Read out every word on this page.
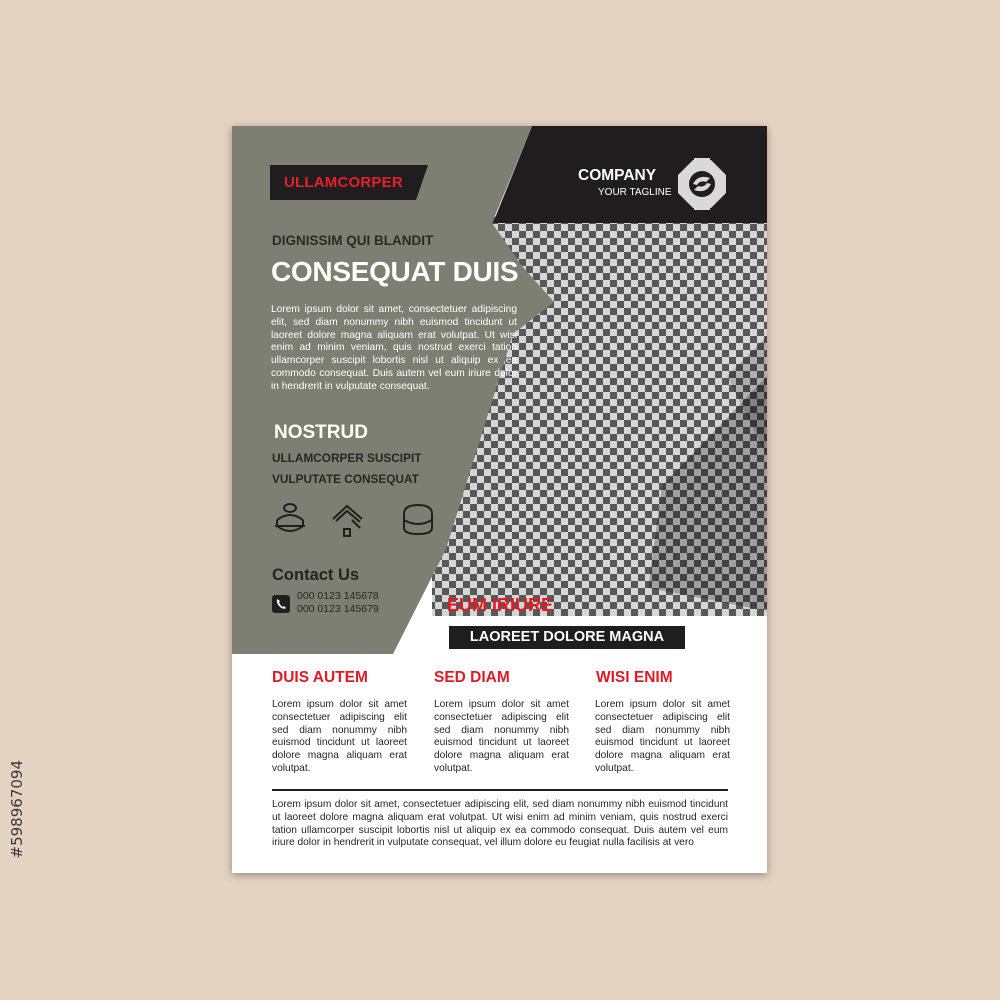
#598967094
ULLAMCORPER
DIGNISSIM QUI BLANDIT
CONSEQUAT DUIS

Lorem ipsum dolor sit amet, consectetuer adipiscing elit, sed diam nonummy nibh euismod tincidunt ut laoreet dolore magna aliquam erat volutpat. Ut wisi enim ad minim veniam, quis nostrud exerci tation ullamcorper suscipit lobortis nisl ut aliquip ex ea commodo consequat. Duis autem vel eum iriure dolor in hendrerit in vulputate consequat.

NOSTRUD
ULLAMCORPER SUSCIPIT
VULPUTATE CONSEQUAT
Contact Us
000 0123 145678
000 0123 145679
COMPANY
YOUR TAGLINE
EUM IRIURE
LAOREET DOLORE MAGNA
DUIS AUTEM

Lorem ipsum dolor sit amet consectetuer adipiscing elit sed diam nonummy nibh euismod tincidunt ut laoreet dolore magna aliquam erat volutpat.

SED DIAM

Lorem ipsum dolor sit amet consectetuer adipiscing elit sed diam nonummy nibh euismod tincidunt ut laoreet dolore magna aliquam erat volutpat.

WISI ENIM

Lorem ipsum dolor sit amet consectetuer adipiscing elit sed diam nonummy nibh euismod tincidunt ut laoreet dolore magna aliquam erat volutpat.

Lorem ipsum dolor sit amet, consectetuer adipiscing elit, sed diam nonummy nibh euismod tincidunt ut laoreet dolore magna aliquam erat volutpat. Ut wisi enim ad minim veniam, quis nostrud exerci tation ullamcorper suscipit lobortis nisl ut aliquip ex ea commodo consequat. Duis autem vel eum iriure dolor in hendrerit in vulputate consequat, vel illum dolore eu feugiat nulla facilisis at vero
